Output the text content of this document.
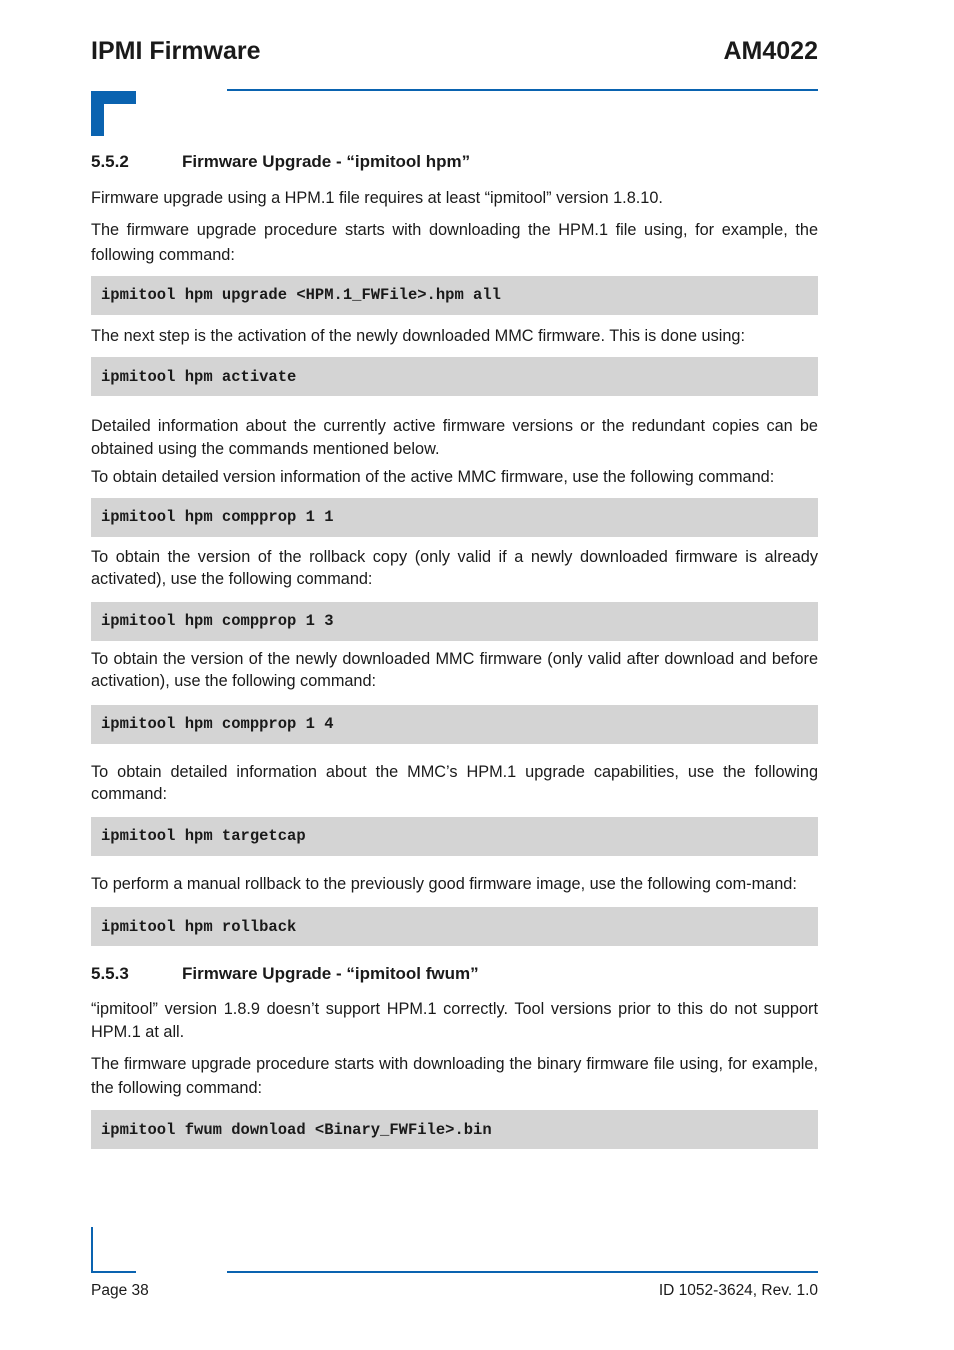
IPMI Firmware	AM4022
5.5.2	Firmware Upgrade - “ipmitool hpm”

Firmware upgrade using a HPM.1 file requires at least “ipmitool” version 1.8.10.

The firmware upgrade procedure starts with downloading the HPM.1 file using, for example, the following command:

ipmitool hpm upgrade <HPM.1_FWFile>.hpm all

The next step is the activation of the newly downloaded MMC firmware. This is done using:

ipmitool hpm activate

Detailed information about the currently active firmware versions or the redundant copies can be obtained using the commands mentioned below.

To obtain detailed version information of the active MMC firmware, use the following command:

ipmitool hpm compprop 1 1

To obtain the version of the rollback copy (only valid if a newly downloaded firmware is already activated), use the following command:

ipmitool hpm compprop 1 3

To obtain the version of the newly downloaded MMC firmware (only valid after download and before activation), use the following command:

ipmitool hpm compprop 1 4

To obtain detailed information about the MMC’s HPM.1 upgrade capabilities, use the following command:

ipmitool hpm targetcap

To perform a manual rollback to the previously good firmware image, use the following com-mand:

ipmitool hpm rollback
5.5.3	Firmware Upgrade - “ipmitool fwum”

“ipmitool” version 1.8.9 doesn’t support HPM.1 correctly. Tool versions prior to this do not support HPM.1 at all.

The firmware upgrade procedure starts with downloading the binary firmware file using, for example, the following command:

ipmitool fwum download <Binary_FWFile>.bin
Page 38	ID 1052-3624, Rev. 1.0
